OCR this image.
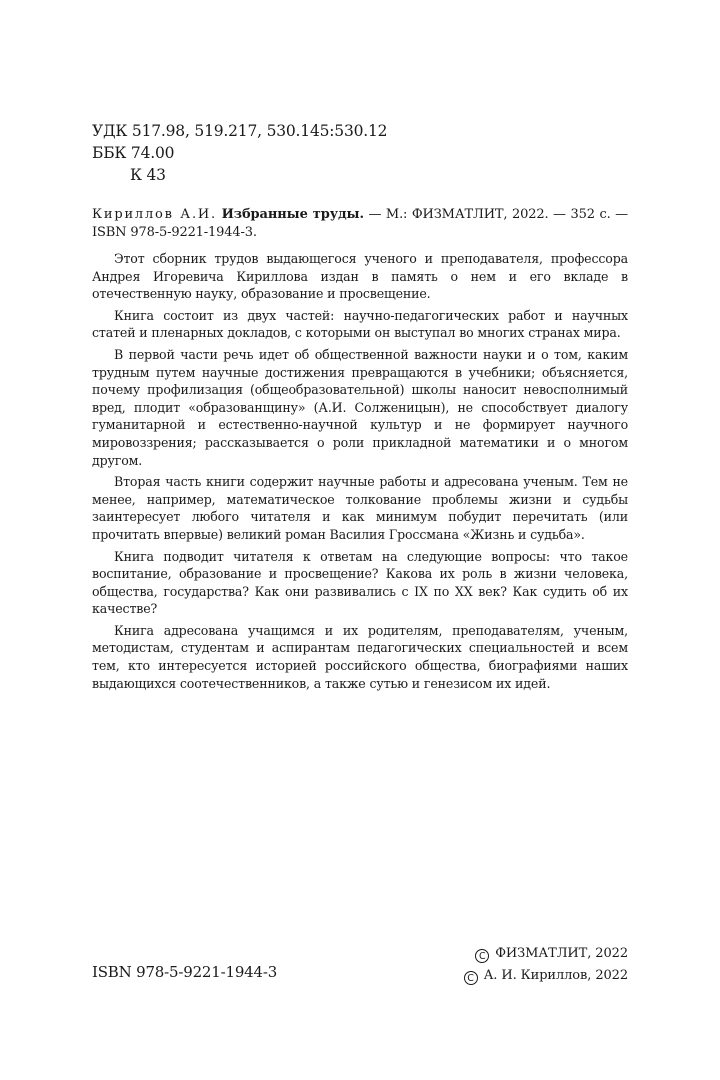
УДК 517.98, 519.217, 530.145:530.12
ББК 74.00
К 43
Кириллов А.И. Избранные труды. — М.: ФИЗМАТЛИТ, 2022. — 352 с. — ISBN 978-5-9221-1944-3.

Этот сборник трудов выдающегося ученого и преподавателя, профессора Андрея Игоревича Кириллова издан в память о нем и его вкладе в отечественную науку, образование и просвещение.

Книга состоит из двух частей: научно-педагогических работ и научных статей и пленарных докладов, с которыми он выступал во многих странах мира.

В первой части речь идет об общественной важности науки и о том, каким трудным путем научные достижения превращаются в учебники; объясняется, почему профилизация (общеобразовательной) школы наносит невосполнимый вред, плодит «образованщину» (А.И. Солженицын), не способствует диалогу гуманитарной и естественно-научной культур и не формирует научного мировоззрения; рассказывается о роли прикладной математики и о многом другом.

Вторая часть книги содержит научные работы и адресована ученым. Тем не менее, например, математическое толкование проблемы жизни и судьбы заинтересует любого читателя и как минимум побудит перечитать (или прочитать впервые) великий роман Василия Гроссмана «Жизнь и судьба».

Книга подводит читателя к ответам на следующие вопросы: что такое воспитание, образование и просвещение? Какова их роль в жизни человека, общества, государства? Как они развивались с IX по XX век? Как судить об их качестве?

Книга адресована учащимся и их родителям, преподавателям, ученым, методистам, студентам и аспирантам педагогических специальностей и всем тем, кто интересуется историей российского общества, биографиями наших выдающихся соотечественников, а также сутью и генезисом их идей.

ISBN 978-5-9221-1944-3
CФИЗМАТЛИТ, 2022
CА. И. Кириллов, 2022
